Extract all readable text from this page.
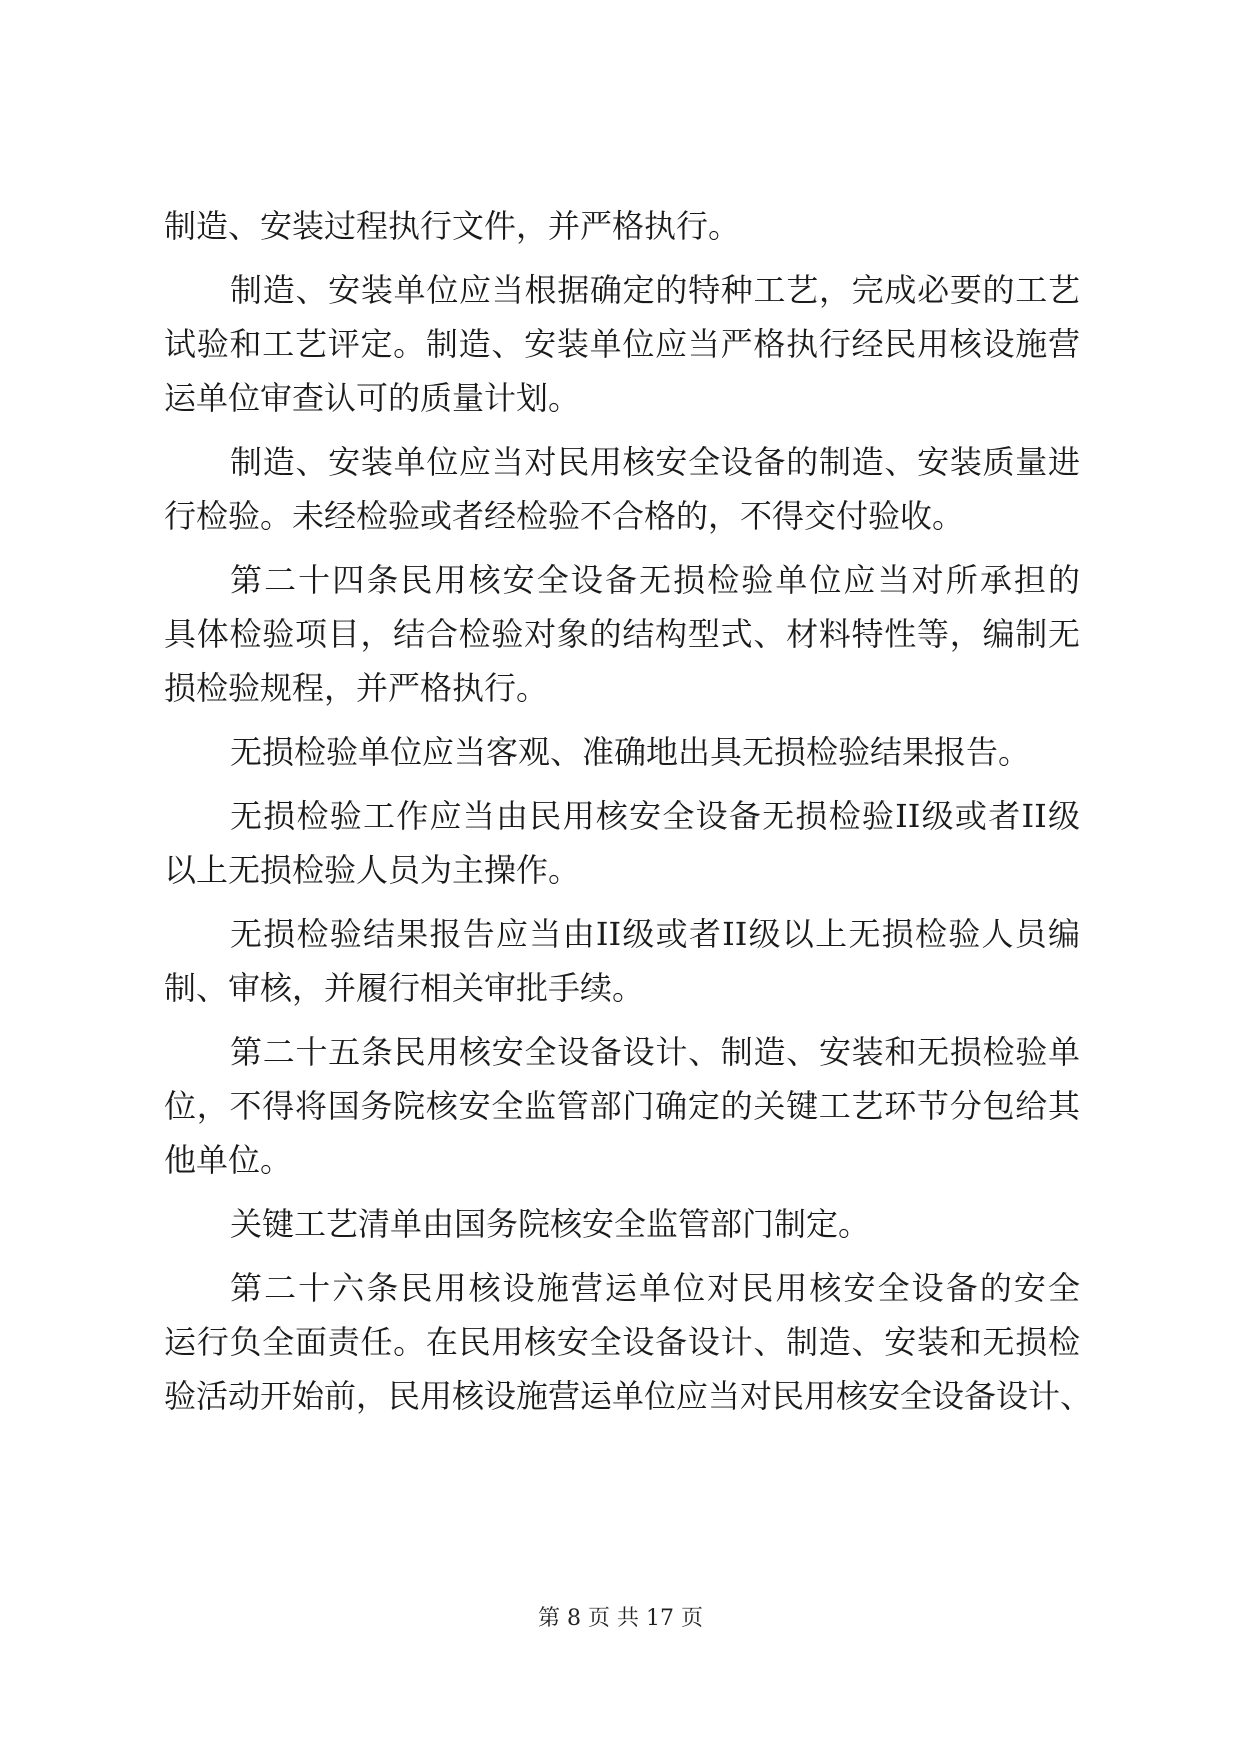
制造、安装过程执行文件，并严格执行。
制造、安装单位应当根据确定的特种工艺，完成必要的工艺
试验和工艺评定。制造、安装单位应当严格执行经民用核设施营
运单位审查认可的质量计划。
制造、安装单位应当对民用核安全设备的制造、安装质量进
行检验。未经检验或者经检验不合格的，不得交付验收。
第二十四条民用核安全设备无损检验单位应当对所承担的
具体检验项目，结合检验对象的结构型式、材料特性等，编制无
损检验规程，并严格执行。
无损检验单位应当客观、准确地出具无损检验结果报告。
无损检验工作应当由民用核安全设备无损检验II级或者II级
以上无损检验人员为主操作。
无损检验结果报告应当由II级或者II级以上无损检验人员编
制、审核，并履行相关审批手续。
第二十五条民用核安全设备设计、制造、安装和无损检验单
位，不得将国务院核安全监管部门确定的关键工艺环节分包给其
他单位。
关键工艺清单由国务院核安全监管部门制定。
第二十六条民用核设施营运单位对民用核安全设备的安全
运行负全面责任。在民用核安全设备设计、制造、安装和无损检
验活动开始前，民用核设施营运单位应当对民用核安全设备设计、
第 8 页 共 17 页
